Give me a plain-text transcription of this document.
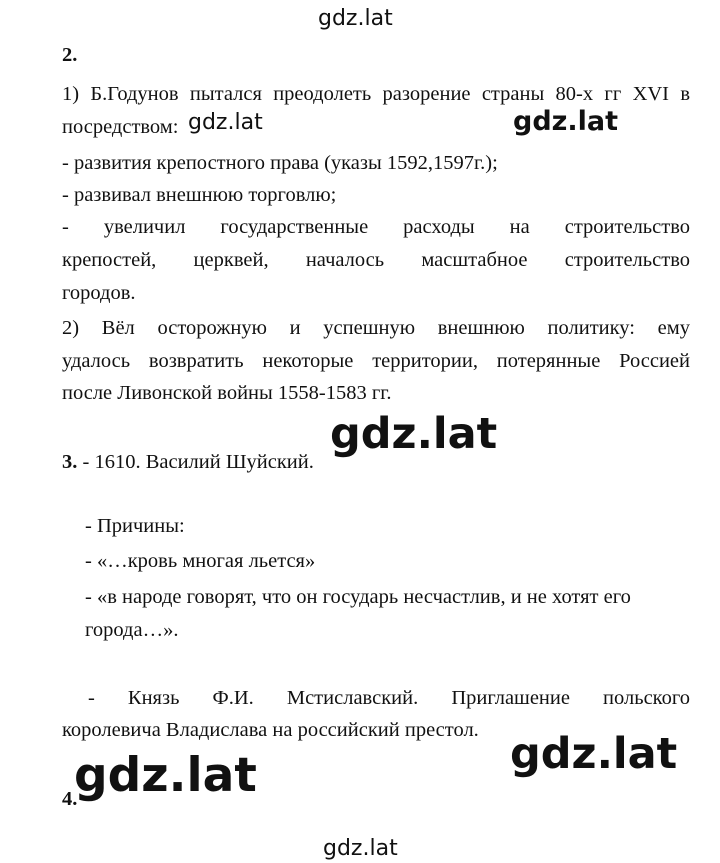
gdz.lat
gdz.lat	gdz.lat
gdz.lat
gdz.lat
gdz.lat
gdz.lat
2.
1) Б.Годунов пытался преодолеть разорение страны 80-х гг XVI в
посредством:
- развития крепостного права (указы 1592,1597г.);
- развивал внешнюю торговлю;
- увеличил государственные расходы на строительство
крепостей, церквей, началось масштабное строительство
городов.
2) Вёл осторожную и успешную внешнюю политику: ему
удалось возвратить некоторые территории, потерянные Россией
после Ливонской войны 1558-1583 гг.
3. - 1610. Василий Шуйский.
- Причины:
- «…кровь многая льется»
- «в народе говорят, что он государь несчастлив, и не хотят его
города…».
- Князь Ф.И. Мстиславский. Приглашение польского
королевича Владислава на российский престол.
4.
